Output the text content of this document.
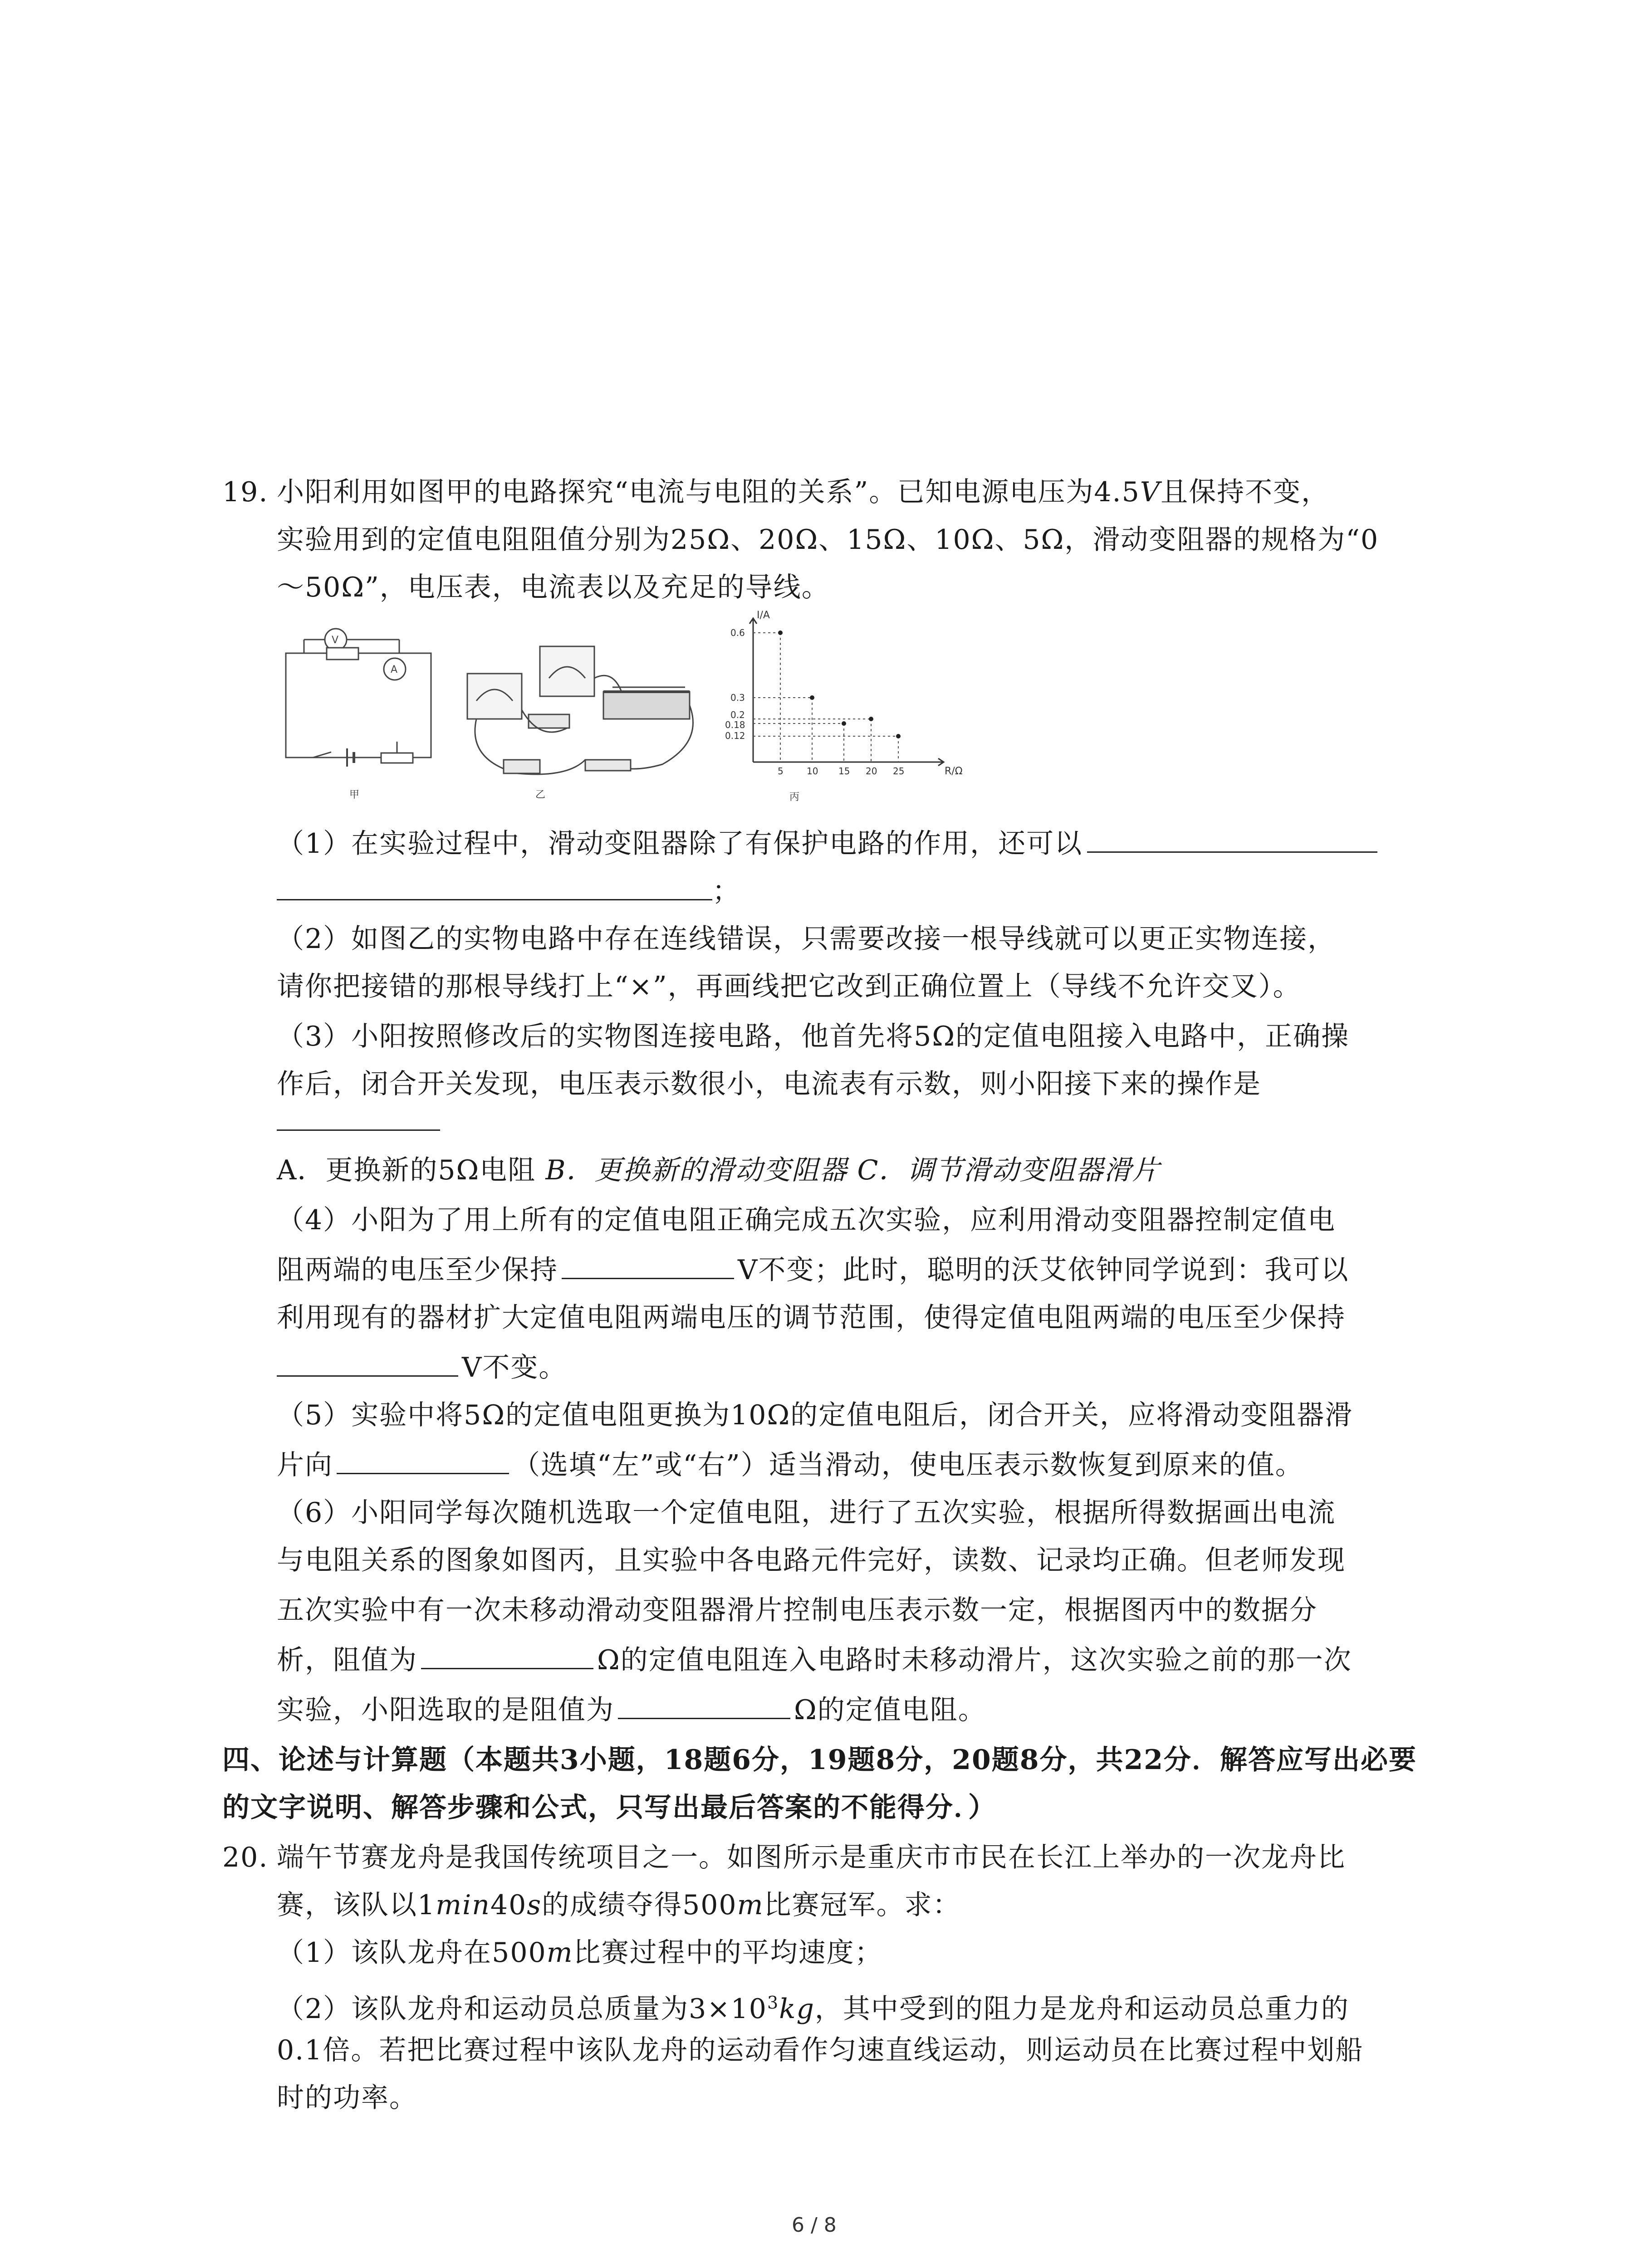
19. 小阳利用如图甲的电路探究“电流与电阻的关系”。已知电源电压为4.5V且保持不变，
实验用到的定值电阻阻值分别为25Ω、20Ω、15Ω、10Ω、5Ω，滑动变阻器的规格为“0
～50Ω”，电压表，电流表以及充足的导线。
V
A
甲	乙
I/A
R/Ω
0.6
0.3
0.2
0.18
0.12
5	10 15 20 25
丙
（1）在实验过程中，滑动变阻器除了有保护电路的作用，还可以
；
（2）如图乙的实物电路中存在连线错误，只需要改接一根导线就可以更正实物连接，
请你把接错的那根导线打上“×”，再画线把它改到正确位置上（导线不允许交叉）。
（3）小阳按照修改后的实物图连接电路，他首先将5Ω的定值电阻接入电路中，正确操
作后，闭合开关发现，电压表示数很小，电流表有示数，则小阳接下来的操作是
A．更换新的5Ω电阻 B．更换新的滑动变阻器 C．调节滑动变阻器滑片
（4）小阳为了用上所有的定值电阻正确完成五次实验，应利用滑动变阻器控制定值电
阻两端的电压至少保持	V不变；此时，聪明的沃艾依钟同学说到：我可以
利用现有的器材扩大定值电阻两端电压的调节范围，使得定值电阻两端的电压至少保持
V不变。
（5）实验中将5Ω的定值电阻更换为10Ω的定值电阻后，闭合开关，应将滑动变阻器滑
片向	（选填“左”或“右”）适当滑动，使电压表示数恢复到原来的值。
（6）小阳同学每次随机选取一个定值电阻，进行了五次实验，根据所得数据画出电流
与电阻关系的图象如图丙，且实验中各电路元件完好，读数、记录均正确。但老师发现
五次实验中有一次未移动滑动变阻器滑片控制电压表示数一定，根据图丙中的数据分
析，阻值为	Ω的定值电阻连入电路时未移动滑片，这次实验之前的那一次
实验，小阳选取的是阻值为	Ω的定值电阻。
四、论述与计算题（本题共3小题，18题6分，19题8分，20题8分，共22分．解答应写出必要
的文字说明、解答步骤和公式，只写出最后答案的不能得分．）
20. 端午节赛龙舟是我国传统项目之一。如图所示是重庆市市民在长江上举办的一次龙舟比
赛，该队以1min40s的成绩夺得500m比赛冠军。求：
（1）该队龙舟在500m比赛过程中的平均速度；
（2）该队龙舟和运动员总质量为$3\times 10^3kg$，其中受到的阻力是龙舟和运动员总重力的
0.1倍。若把比赛过程中该队龙舟的运动看作匀速直线运动，则运动员在比赛过程中划船
时的功率。
6 / 8
